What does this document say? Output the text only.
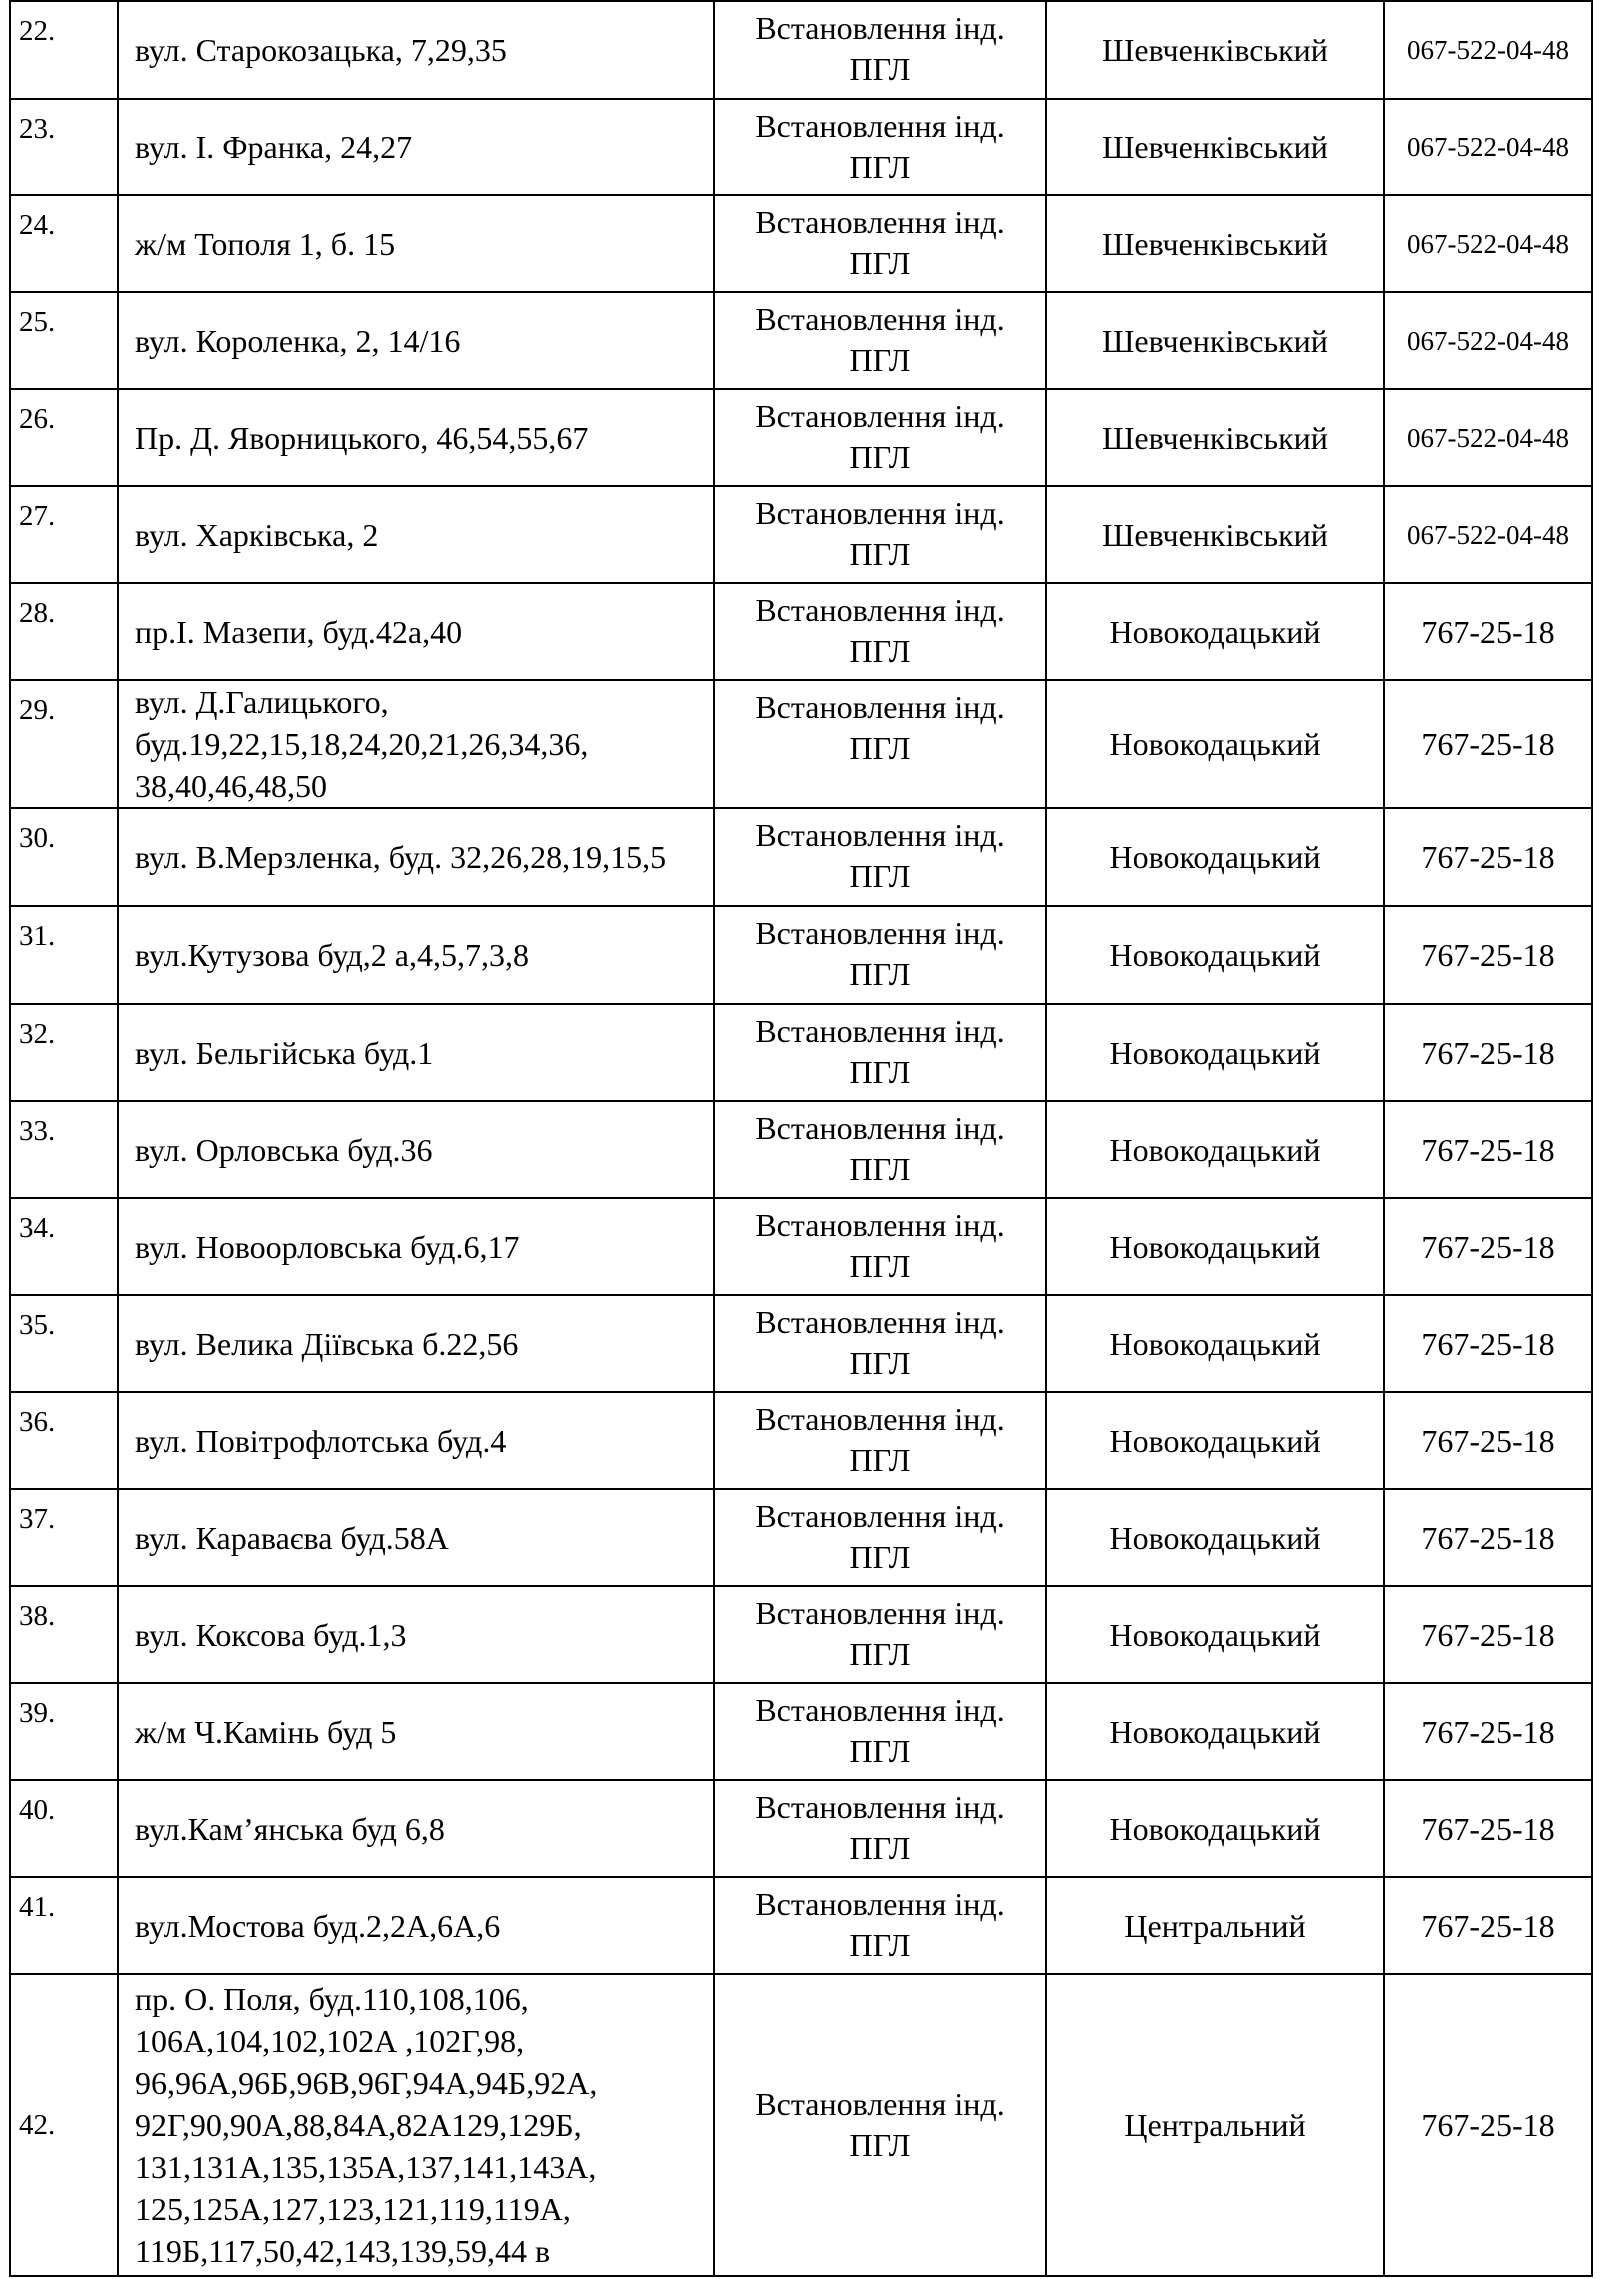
22.	вул. Старокозацька, 7,29,35	Встановлення інд.
ПГЛ	Шевченківський	067-522-04-48
23.	вул. І. Франка, 24,27	Встановлення інд.
ПГЛ	Шевченківський	067-522-04-48
24.	ж/м Тополя 1, б. 15	Встановлення інд.
ПГЛ	Шевченківський	067-522-04-48
25.	вул. Короленка, 2, 14/16	Встановлення інд.
ПГЛ	Шевченківський	067-522-04-48
26.	Пр. Д. Яворницького, 46,54,55,67	Встановлення інд.
ПГЛ	Шевченківський	067-522-04-48
27.	вул. Харківська, 2	Встановлення інд.
ПГЛ	Шевченківський	067-522-04-48
28.	пр.І. Мазепи, буд.42а,40	Встановлення інд.
ПГЛ	Новокодацький	767-25-18
29.	вул. Д.Галицького, буд.19,22,15,18,24,20,21,26,34,36, 38,40,46,48,50	Встановлення інд.
ПГЛ	Новокодацький	767-25-18
30.	вул. В.Мерзленка, буд. 32,26,28,19,15,5	Встановлення інд.
ПГЛ	Новокодацький	767-25-18
31.	вул.Кутузова буд,2 а,4,5,7,3,8	Встановлення інд.
ПГЛ	Новокодацький	767-25-18
32.	вул. Бельгійська буд.1	Встановлення інд.
ПГЛ	Новокодацький	767-25-18
33.	вул. Орловська буд.36	Встановлення інд.
ПГЛ	Новокодацький	767-25-18
34.	вул. Новоорловська буд.6,17	Встановлення інд.
ПГЛ	Новокодацький	767-25-18
35.	вул. Велика Діївська б.22,56	Встановлення інд.
ПГЛ	Новокодацький	767-25-18
36.	вул. Повітрофлотська буд.4	Встановлення інд.
ПГЛ	Новокодацький	767-25-18
37.	вул. Караваєва буд.58А	Встановлення інд.
ПГЛ	Новокодацький	767-25-18
38.	вул. Коксова буд.1,3	Встановлення інд.
ПГЛ	Новокодацький	767-25-18
39.	ж/м Ч.Камінь буд 5	Встановлення інд.
ПГЛ	Новокодацький	767-25-18
40.	вул.Кам’янська буд 6,8	Встановлення інд.
ПГЛ	Новокодацький	767-25-18
41.	вул.Мостова буд.2,2А,6А,6	Встановлення інд.
ПГЛ	Центральний	767-25-18
42.	пр. О. Поля, буд.110,108,106, 106А,104,102,102А ,102Г,98, 96,96А,96Б,96В,96Г,94А,94Б,92А, 92Г,90,90А,88,84А,82А129,129Б, 131,131А,135,135А,137,141,143А, 125,125А,127,123,121,119,119А, 119Б,117,50,42,143,139,59,44 в	Встановлення інд.
ПГЛ	Центральний	767-25-18
